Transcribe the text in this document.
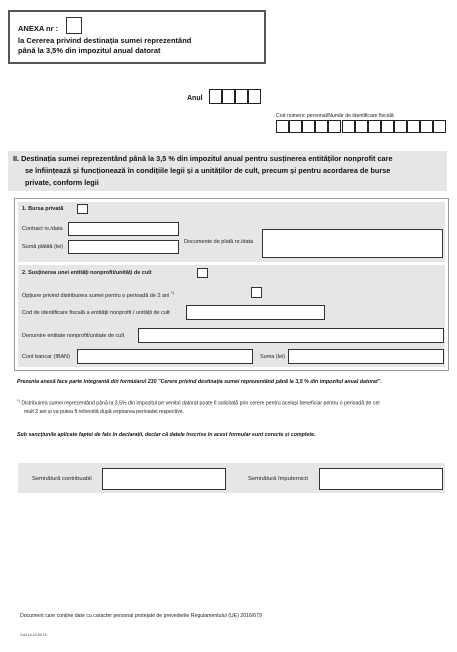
ANEXA nr :
la Cererea privind destinația sumei reprezentând
până la 3,5% din impozitul anual datorat
Anul
Cod numeric personal/Număr de identificare fiscală
II. Destinația sumei reprezentând până la 3,5 % din impozitul anual pentru susținerea entităților nonprofit care
se înființează și funcționează în condițiile legii și a unităților de cult, precum și pentru acordarea de burse
private, conform legii
1. Bursa privată
Contract nr./data
Sumă plătită (lei)
Documente de plată nr./data
2. Susținerea unei entități nonprofit/unități de cult
Opțiune privind distribuirea sumei pentru o perioadă de 2 ani *)
Cod de identificare fiscală a entității nonprofit / unității de cult
Denumire entitate nonprofit/unitate de cult
Cont bancar (IBAN)	Suma (lei)
Prezenta anexă face parte integrantă din formularul 230 "Cerere privind destinația sumei reprezentând până la 3,5 % din impozitul anual datorat".
*) Distribuirea sumei reprezentând până la 3,5% din impozitul pe venitul datorat poate fi solicitată prin cerere pentru același beneficiar pentru o perioadă de cel
mult 2 ani și va putea fi reînnoită după expirarea perioadei respective.
Sub sancțiunile aplicate faptei de fals în declarații, declar că datele înscrise în acest formular sunt corecte și complete.
Semnătură contribuabil	Semnătură împuternicit
Document care conține date cu caracter personal protejate de prevederile Regulamentului (UE) 2016/679
Cod 14.13.09.13
